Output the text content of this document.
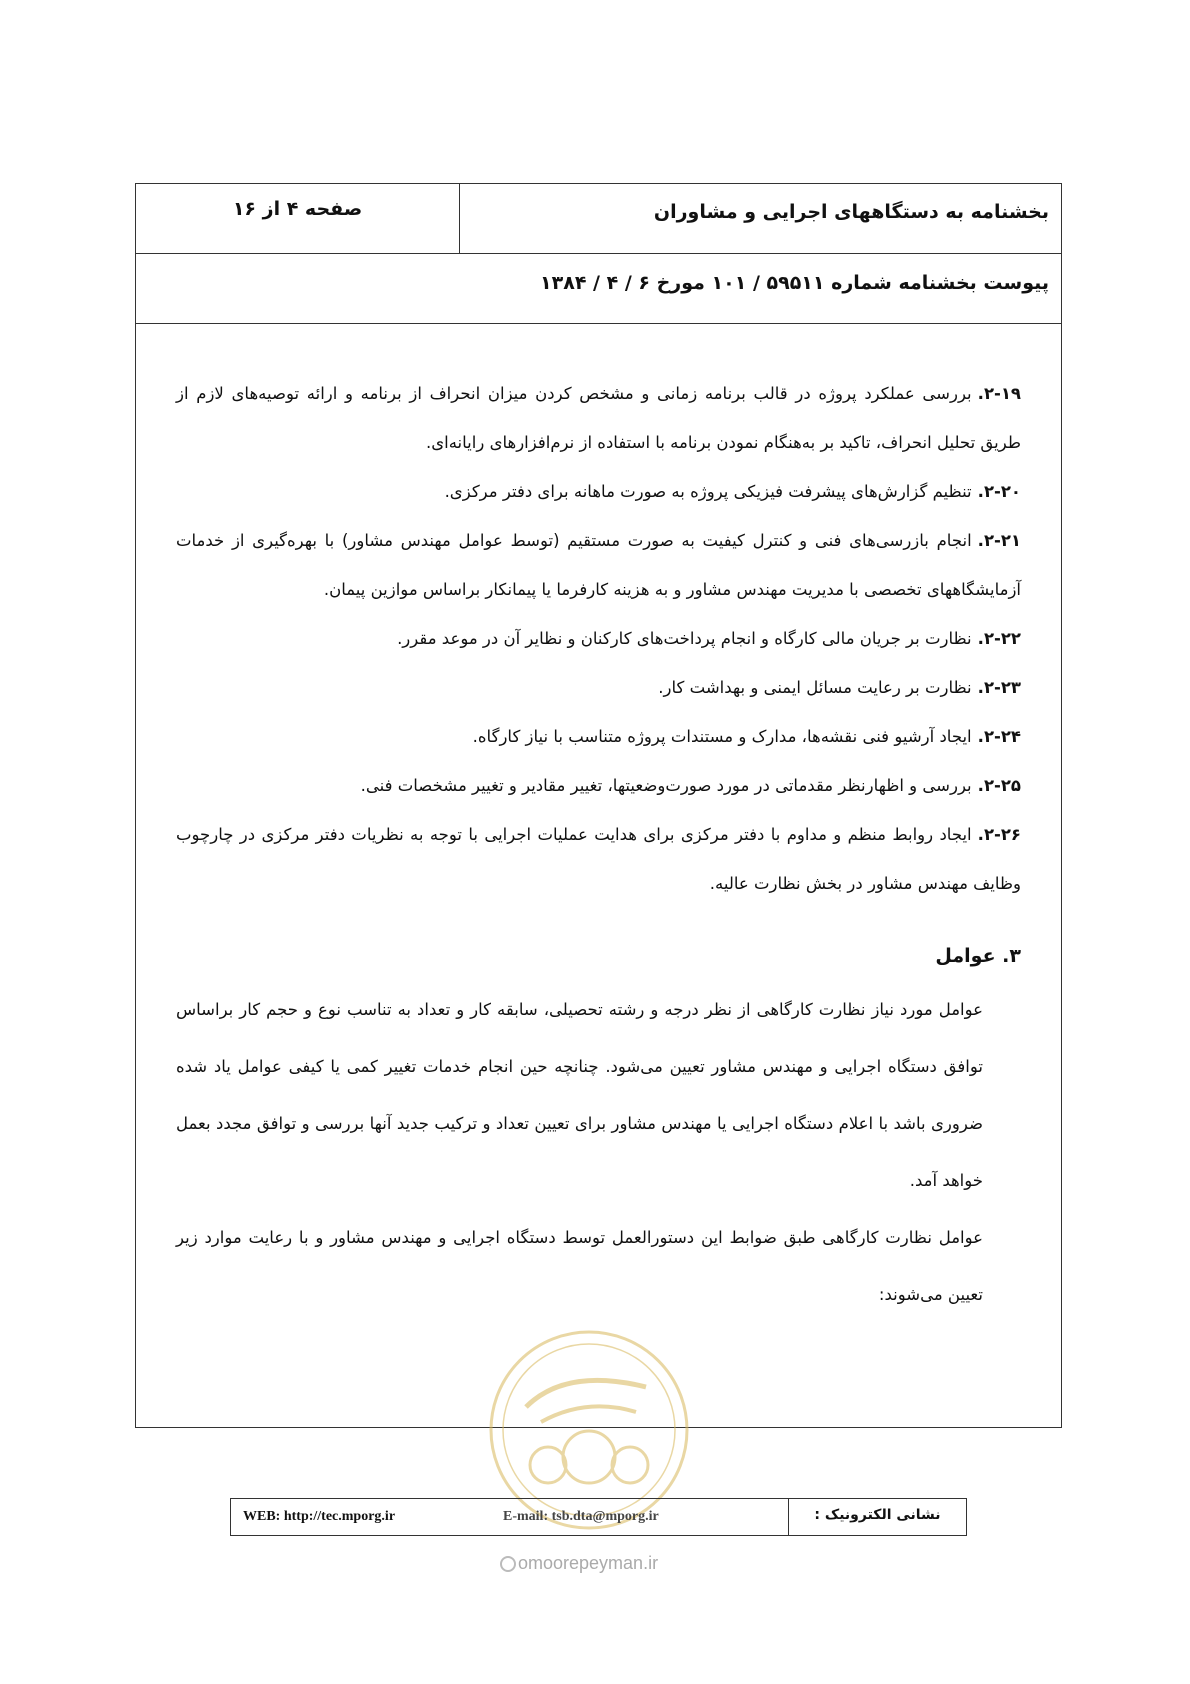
بخشنامه به دستگاههای اجرایی و مشاوران
صفحه ۴ از ۱۶
پیوست بخشنامه شماره ۵۹۵۱۱ / ۱۰۱ مورخ ۶ / ۴ / ۱۳۸۴
۲-۱۹.بررسی عملکرد پروژه در قالب برنامه زمانی و مشخص کردن میزان انحراف از برنامه و ارائه توصیه‌های لازم از طریق تحلیل انحراف، تاکید بر به‌هنگام نمودن برنامه با استفاده از نرم‌افزارهای رایانه‌ای.
۲-۲۰.تنظیم گزارش‌های پیشرفت فیزیکی پروژه به صورت ماهانه برای دفتر مرکزی.
۲-۲۱.انجام بازرسی‌های فنی و کنترل کیفیت به صورت مستقیم (توسط عوامل مهندس مشاور) با بهره‌گیری از خدمات آزمایشگاههای تخصصی با مدیریت مهندس مشاور و به هزینه کارفرما یا پیمانکار براساس موازین پیمان.
۲-۲۲.نظارت بر جریان مالی کارگاه و انجام پرداخت‌های کارکنان و نظایر آن در موعد مقرر.
۲-۲۳.نظارت بر رعایت مسائل ایمنی و بهداشت کار.
۲-۲۴.ایجاد آرشیو فنی نقشه‌ها، مدارک و مستندات پروژه متناسب با نیاز کارگاه.
۲-۲۵.بررسی و اظهارنظر مقدماتی در مورد صورت‌وضعیتها، تغییر مقادیر و تغییر مشخصات فنی.
۲-۲۶.ایجاد روابط منظم و مداوم با دفتر مرکزی برای هدایت عملیات اجرایی با توجه به نظریات دفتر مرکزی در چارچوب وظایف مهندس مشاور در بخش نظارت عالیه.
۳. عوامل
عوامل مورد نیاز نظارت کارگاهی از نظر درجه و رشته تحصیلی، سابقه کار و تعداد به تناسب نوع و حجم کار براساس توافق دستگاه اجرایی و مهندس مشاور تعیین می‌شود. چنانچه حین انجام خدمات تغییر کمی یا کیفی عوامل یاد شده ضروری باشد با اعلام دستگاه اجرایی یا مهندس مشاور برای تعیین تعداد و ترکیب جدید آنها بررسی و توافق مجدد بعمل خواهد آمد.
عوامل نظارت کارگاهی طبق ضوابط این دستورالعمل توسط دستگاه اجرایی و مهندس مشاور و با رعایت موارد زیر تعیین می‌شوند:
WEB: http://tec.mporg.ir	E-mail: tsb.dta@mporg.ir	نشانی الکترونیک :
omoorepeyman.ir
